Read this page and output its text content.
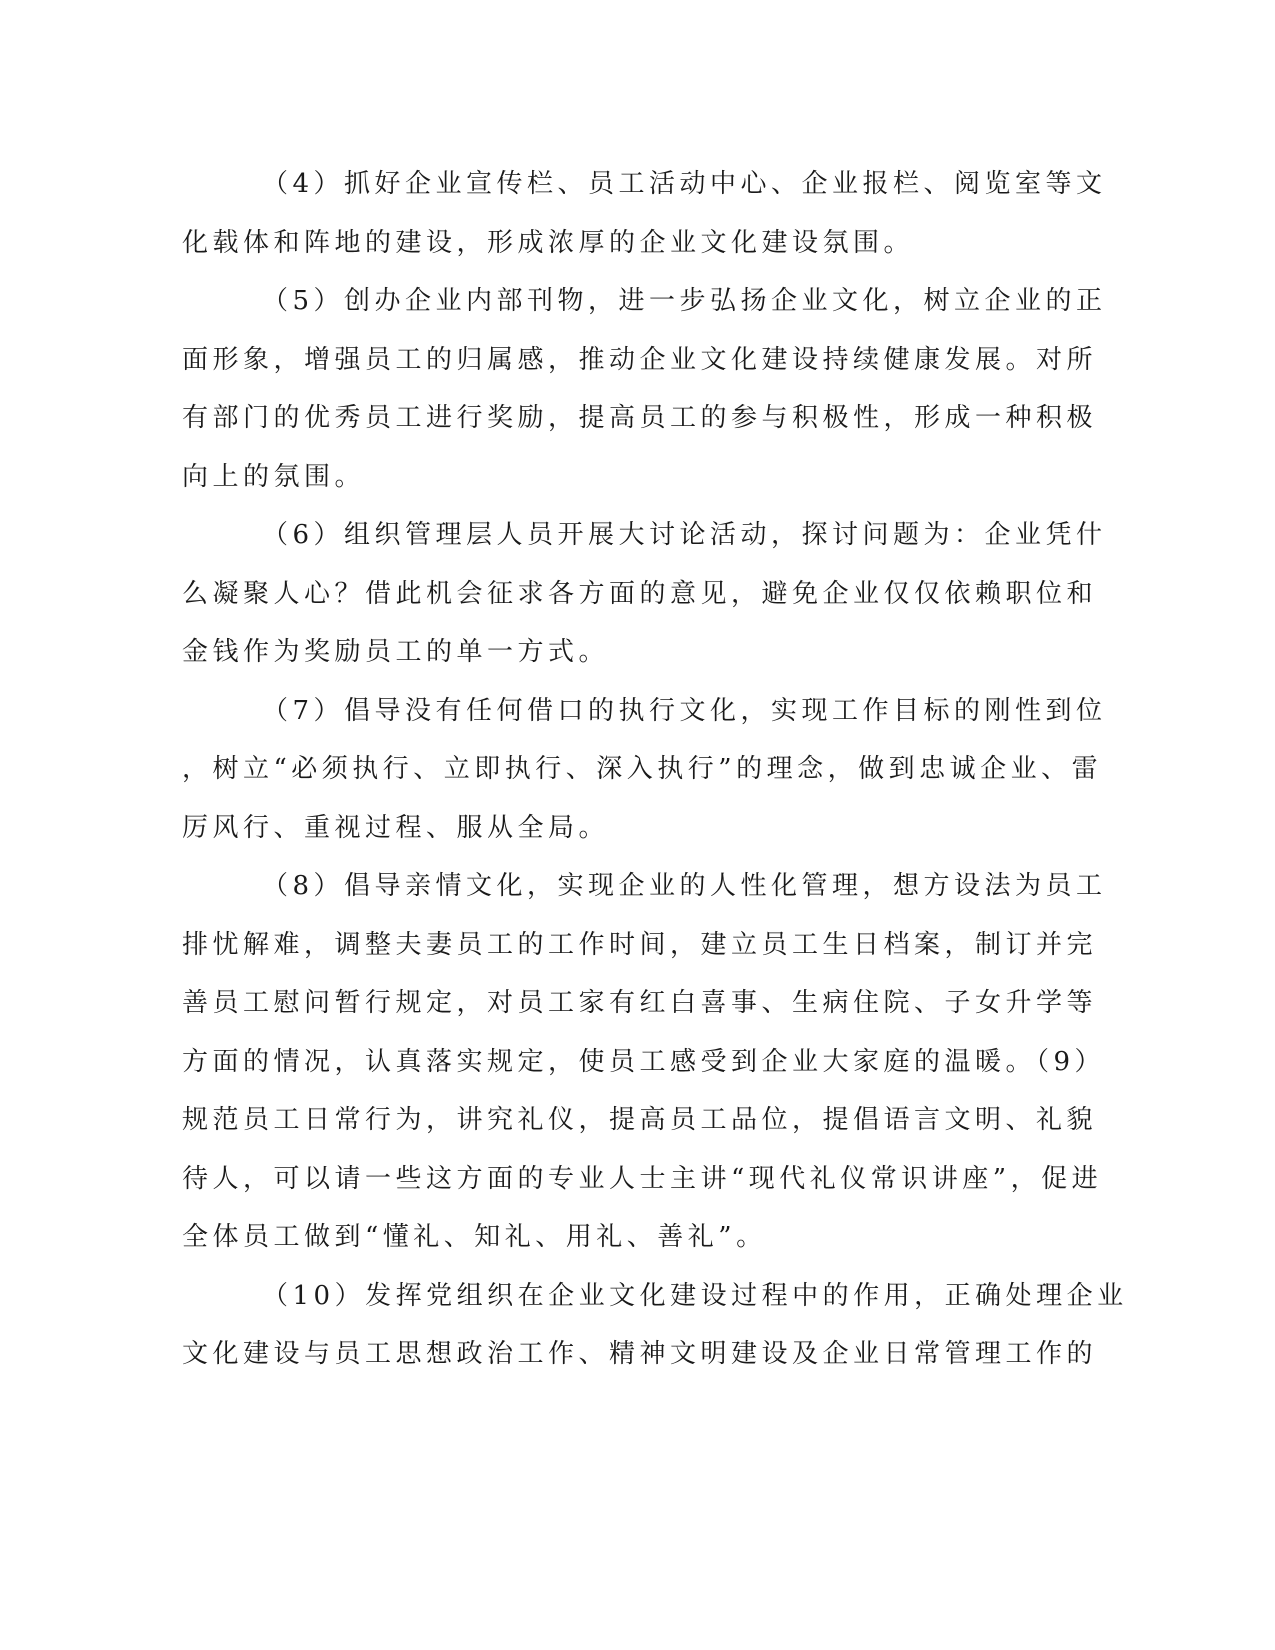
（4）抓好企业宣传栏、员工活动中心、企业报栏、阅览室等文
化载体和阵地的建设，形成浓厚的企业文化建设氛围。
（5）创办企业内部刊物，进一步弘扬企业文化，树立企业的正
面形象，增强员工的归属感，推动企业文化建设持续健康发展。对所
有部门的优秀员工进行奖励，提高员工的参与积极性，形成一种积极
向上的氛围。
（6）组织管理层人员开展大讨论活动，探讨问题为：企业凭什
么凝聚人心？借此机会征求各方面的意见，避免企业仅仅依赖职位和
金钱作为奖励员工的单一方式。
（7）倡导没有任何借口的执行文化，实现工作目标的刚性到位
，树立“必须执行、立即执行、深入执行”的理念，做到忠诚企业、雷
厉风行、重视过程、服从全局。
（8）倡导亲情文化，实现企业的人性化管理，想方设法为员工
排忧解难，调整夫妻员工的工作时间，建立员工生日档案，制订并完
善员工慰问暂行规定，对员工家有红白喜事、生病住院、子女升学等
方面的情况，认真落实规定，使员工感受到企业大家庭的温暖。（9）
规范员工日常行为，讲究礼仪，提高员工品位，提倡语言文明、礼貌
待人，可以请一些这方面的专业人士主讲“现代礼仪常识讲座”，促进
全体员工做到“懂礼、知礼、用礼、善礼”。
（10）发挥党组织在企业文化建设过程中的作用，正确处理企业
文化建设与员工思想政治工作、精神文明建设及企业日常管理工作的
